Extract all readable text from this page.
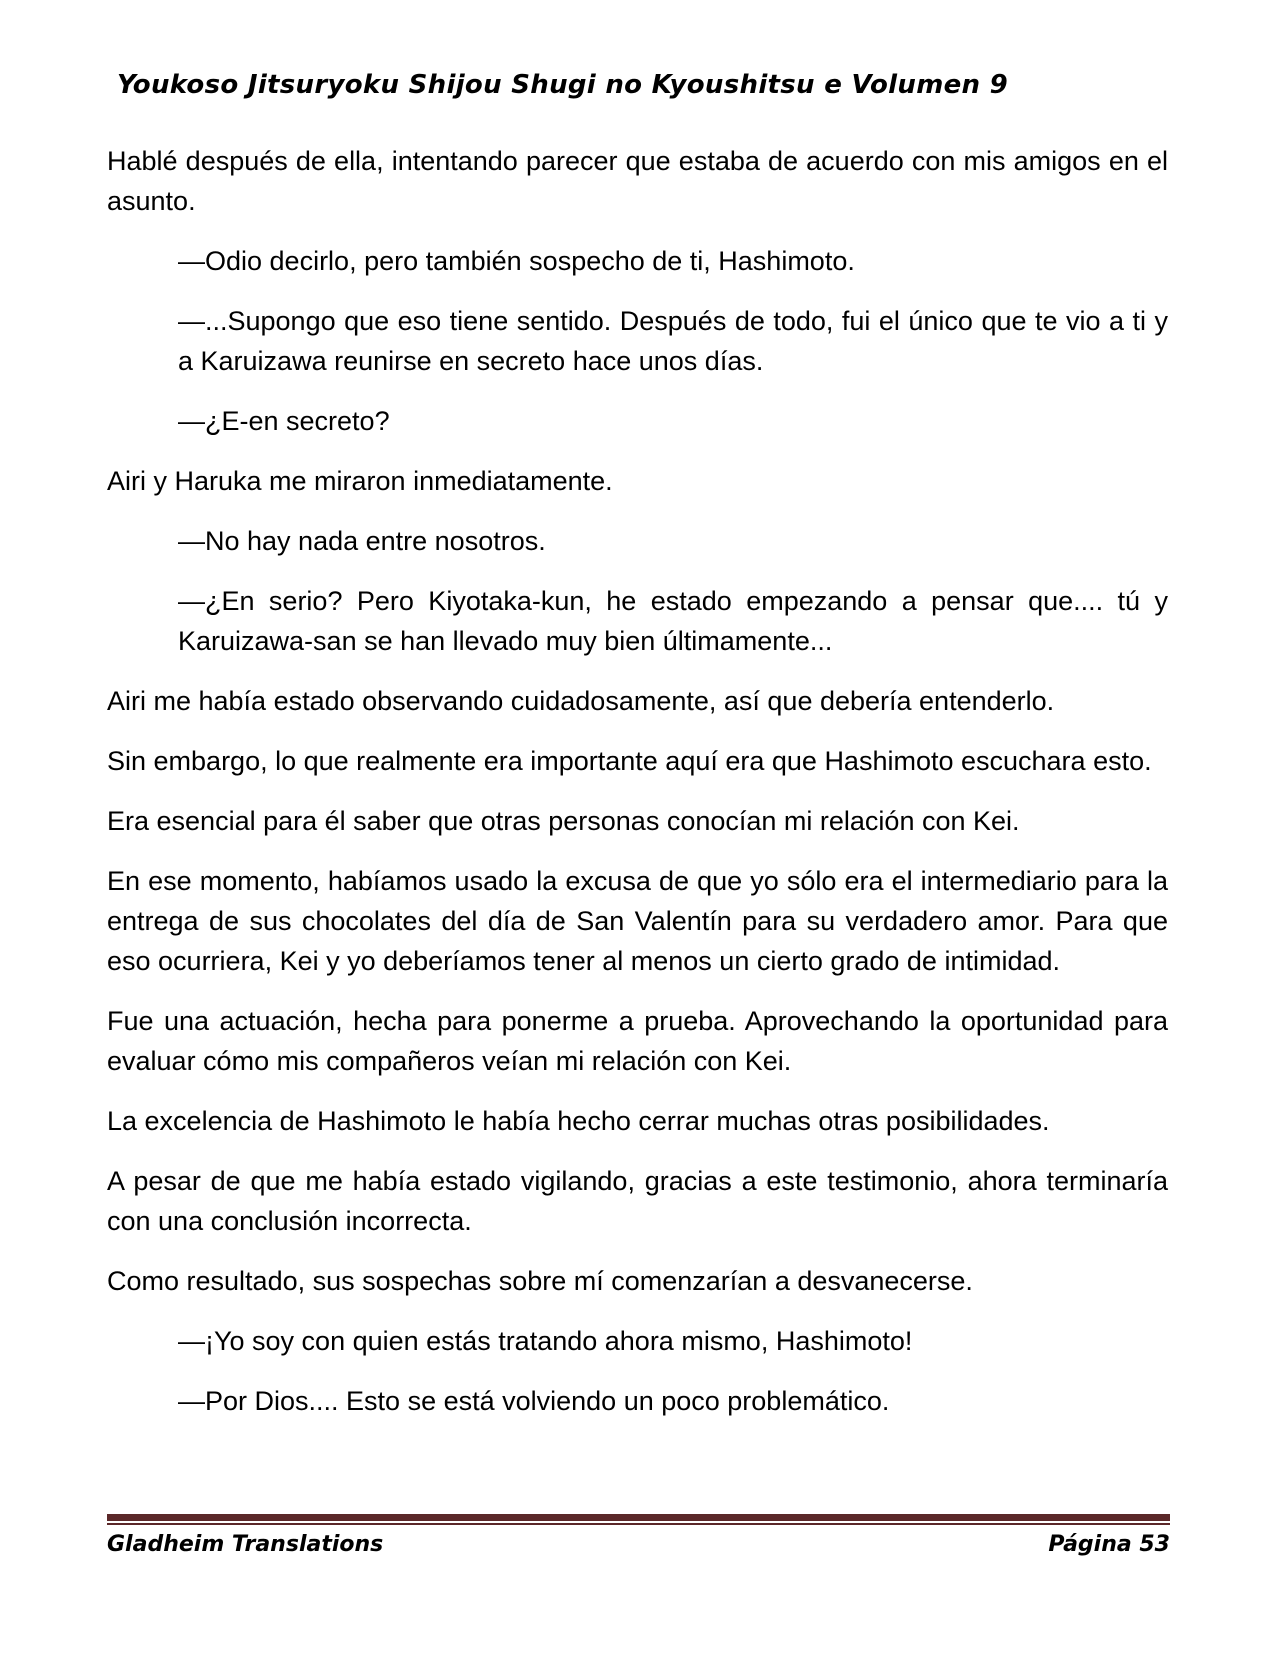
Youkoso Jitsuryoku Shijou Shugi no Kyoushitsu e Volumen 9

Hablé después de ella, intentando parecer que estaba de acuerdo con mis amigos en el asunto.

—Odio decirlo, pero también sospecho de ti, Hashimoto.

—...Supongo que eso tiene sentido. Después de todo, fui el único que te vio a ti y a Karuizawa reunirse en secreto hace unos días.

—¿E-en secreto?

Airi y Haruka me miraron inmediatamente.

—No hay nada entre nosotros.

—¿En serio? Pero Kiyotaka-kun, he estado empezando a pensar que.... tú y Karuizawa-san se han llevado muy bien últimamente...

Airi me había estado observando cuidadosamente, así que debería entenderlo.

Sin embargo, lo que realmente era importante aquí era que Hashimoto escuchara esto.

Era esencial para él saber que otras personas conocían mi relación con Kei.

En ese momento, habíamos usado la excusa de que yo sólo era el intermediario para la entrega de sus chocolates del día de San Valentín para su verdadero amor. Para que eso ocurriera, Kei y yo deberíamos tener al menos un cierto grado de intimidad.

Fue una actuación, hecha para ponerme a prueba. Aprovechando la oportunidad para evaluar cómo mis compañeros veían mi relación con Kei.

La excelencia de Hashimoto le había hecho cerrar muchas otras posibilidades.

A pesar de que me había estado vigilando, gracias a este testimonio, ahora terminaría con una conclusión incorrecta.

Como resultado, sus sospechas sobre mí comenzarían a desvanecerse.

—¡Yo soy con quien estás tratando ahora mismo, Hashimoto!

—Por Dios.... Esto se está volviendo un poco problemático.

Gladheim Translations	Página 53
